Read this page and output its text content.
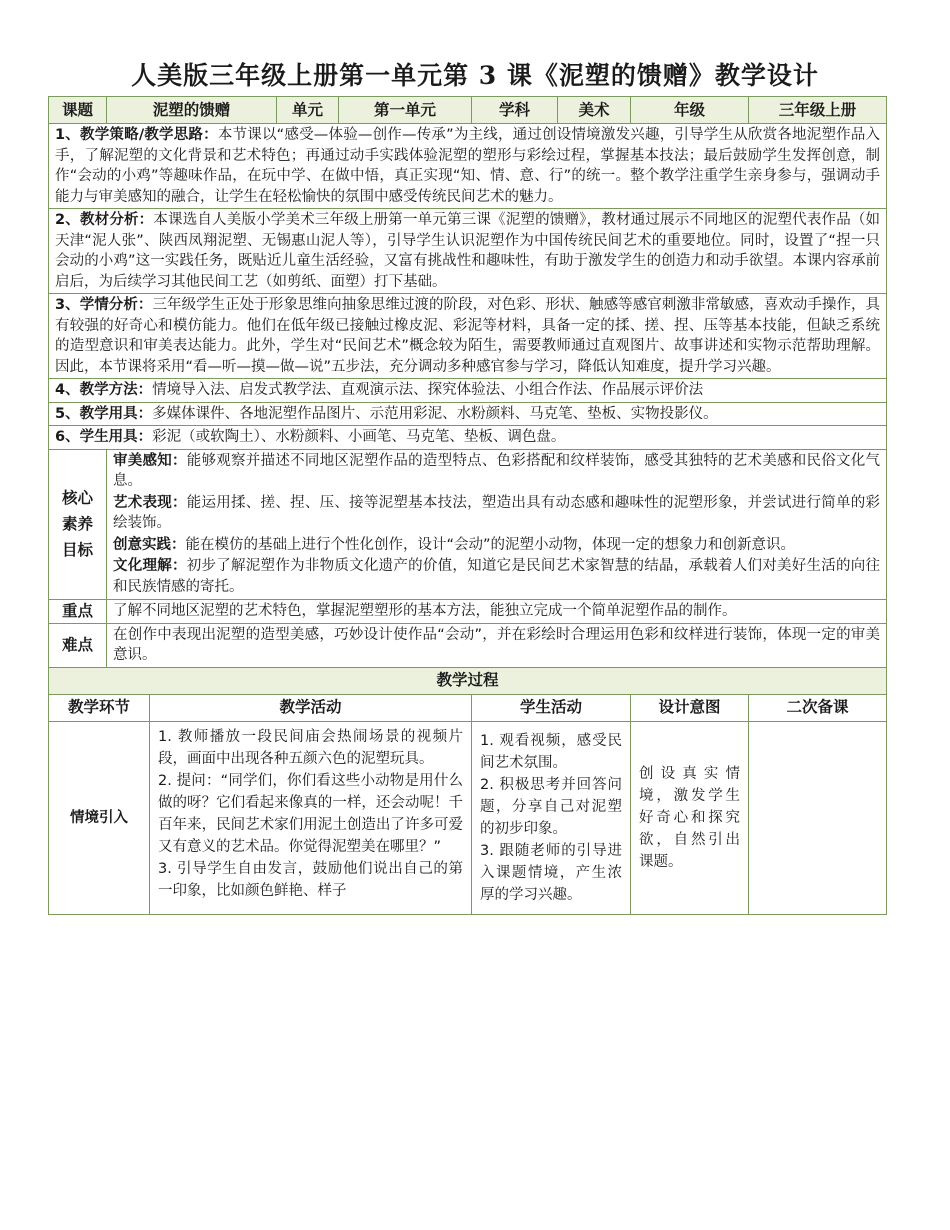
人美版三年级上册第一单元第 3 课《泥塑的馈赠》教学设计
课题	泥塑的馈赠		单元	第一单元	学科	美术	年级	三年级上册
1、教学策略/教学思路：本节课以“感受—体验—创作—传承”为主线，通过创设情境激发兴趣，引导学生从欣赏各地泥塑作品入手，了解泥塑的文化背景和艺术特色；再通过动手实践体验泥塑的塑形与彩绘过程，掌握基本技法；最后鼓励学生发挥创意，制作“会动的小鸡”等趣味作品，在玩中学、在做中悟，真正实现“知、情、意、行”的统一。整个教学注重学生亲身参与，强调动手能力与审美感知的融合，让学生在轻松愉快的氛围中感受传统民间艺术的魅力。								
2、教材分析：本课选自人美版小学美术三年级上册第一单元第三课《泥塑的馈赠》，教材通过展示不同地区的泥塑代表作品（如天津“泥人张”、陕西凤翔泥塑、无锡惠山泥人等），引导学生认识泥塑作为中国传统民间艺术的重要地位。同时，设置了“捏一只会动的小鸡”这一实践任务，既贴近儿童生活经验，又富有挑战性和趣味性，有助于激发学生的创造力和动手欲望。本课内容承前启后，为后续学习其他民间工艺（如剪纸、面塑）打下基础。								
3、学情分析：三年级学生正处于形象思维向抽象思维过渡的阶段，对色彩、形状、触感等感官刺激非常敏感，喜欢动手操作，具有较强的好奇心和模仿能力。他们在低年级已接触过橡皮泥、彩泥等材料，具备一定的揉、搓、捏、压等基本技能，但缺乏系统的造型意识和审美表达能力。此外，学生对“民间艺术”概念较为陌生，需要教师通过直观图片、故事讲述和实物示范帮助理解。因此，本节课将采用“看—听—摸—做—说”五步法，充分调动多种感官参与学习，降低认知难度，提升学习兴趣。								
4、教学方法：情境导入法、启发式教学法、直观演示法、探究体验法、小组合作法、作品展示评价法								
5、教学用具：多媒体课件、各地泥塑作品图片、示范用彩泥、水粉颜料、马克笔、垫板、实物投影仪。								
6、学生用具：彩泥（或软陶土）、水粉颜料、小画笔、马克笔、垫板、调色盘。								
核心素养目标	审美感知：能够观察并描述不同地区泥塑作品的造型特点、色彩搭配和纹样装饰，感受其独特的艺术美感和民俗文化气息。

艺术表现：能运用揉、搓、捏、压、接等泥塑基本技法，塑造出具有动态感和趣味性的泥塑形象，并尝试进行简单的彩绘装饰。

创意实践：能在模仿的基础上进行个性化创作，设计“会动”的泥塑小动物，体现一定的想象力和创新意识。

文化理解：初步了解泥塑作为非物质文化遗产的价值，知道它是民间艺术家智慧的结晶，承载着人们对美好生活的向往和民族情感的寄托。							

重点	了解不同地区泥塑的艺术特色，掌握泥塑塑形的基本方法，能独立完成一个简单泥塑作品的制作。							
难点	在创作中表现出泥塑的造型美感，巧妙设计使作品“会动”，并在彩绘时合理运用色彩和纹样进行装饰，体现一定的审美意识。							
教学过程								
教学环节		教学活动			学生活动		设计意图	二次备课
情境引入		1. 教师播放一段民间庙会热闹场景的视频片段，画面中出现各种五颜六色的泥塑玩具。
2. 提问：“同学们，你们看这些小动物是用什么做的呀？它们看起来像真的一样，还会动呢！千百年来，民间艺术家们用泥土创造出了许多可爱又有意义的艺术品。你觉得泥塑美在哪里？”
3. 引导学生自由发言，鼓励他们说出自己的第一印象，比如颜色鲜艳、样子			1. 观看视频，感受民间艺术氛围。
2. 积极思考并回答问题，分享自己对泥塑的初步印象。
3. 跟随老师的引导进入课题情境，产生浓厚的学习兴趣。		创设真实情境，激发学生好奇心和探究欲，自然引出课题。	
